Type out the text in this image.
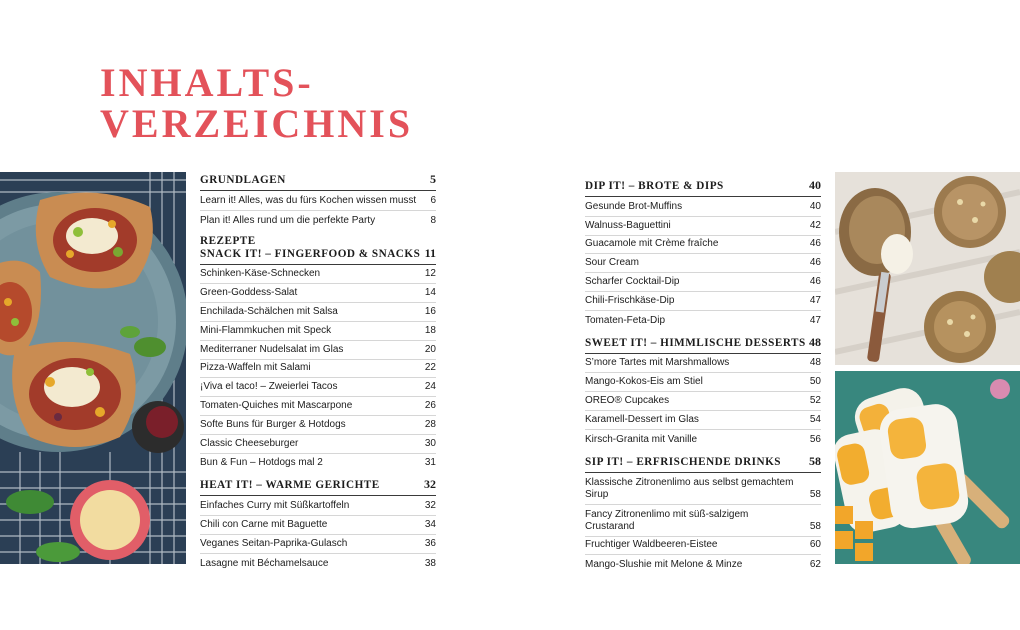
INHALTS-
VERZEICHNIS
GRUNDLAGEN	5
Learn it! Alles, was du fürs Kochen wissen musst	6
Plan it! Alles rund um die perfekte Party	8
REZEPTE
SNACK IT! – FINGERFOOD & SNACKS 11
Schinken-Käse-Schnecken	12
Green-Goddess-Salat	14
Enchilada-Schälchen mit Salsa	16
Mini-Flammkuchen mit Speck	18
Mediterraner Nudelsalat im Glas	20
Pizza-Waffeln mit Salami	22
¡Viva el taco! – Zweierlei Tacos	24
Tomaten-Quiches mit Mascarpone	26
Softe Buns für Burger & Hotdogs	28
Classic Cheeseburger	30
Bun & Fun – Hotdogs mal 2	31
HEAT IT! – WARME GERICHTE	32
Einfaches Curry mit Süßkartoffeln	32
Chili con Carne mit Baguette	34
Veganes Seitan-Paprika-Gulasch	36
Lasagne mit Béchamelsauce	38
DIP IT! – BROTE & DIPS	40
Gesunde Brot-Muffins	40
Walnuss-Baguettini	42
Guacamole mit Crème fraîche	46
Sour Cream	46
Scharfer Cocktail-Dip	46
Chili-Frischkäse-Dip	47
Tomaten-Feta-Dip	47
SWEET IT! – HIMMLISCHE DESSERTS 48
S’more Tartes mit Marshmallows	48
Mango-Kokos-Eis am Stiel	50
OREO® Cupcakes	52
Karamell-Dessert im Glas	54
Kirsch-Granita mit Vanille	56
SIP IT! – ERFRISCHENDE DRINKS 58
Klassische Zitronenlimo aus selbst gemachtem
Sirup	58
Fancy Zitronenlimo mit süß-salzigem
Crustarand	58
Fruchtiger Waldbeeren-Eistee	60
Mango-Slushie mit Melone & Minze	62
